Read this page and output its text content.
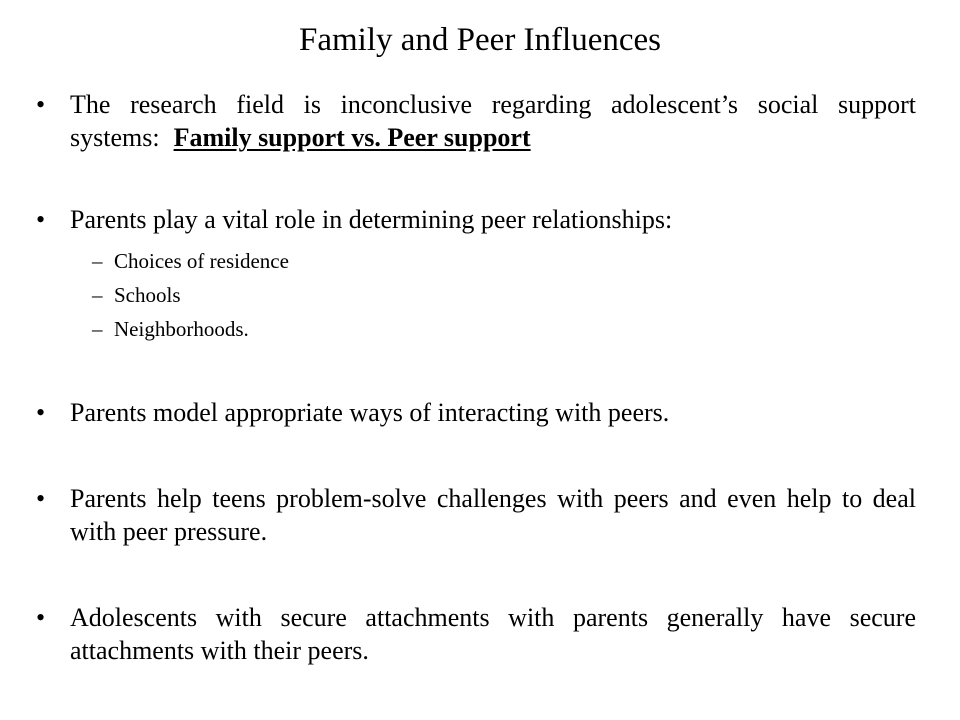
Family and Peer Influences
• The research field is inconclusive regarding adolescent’s social support systems: Family support vs. Peer support
• Parents play a vital role in determining peer relationships:
– Choices of residence
– Schools
– Neighborhoods.
• Parents model appropriate ways of interacting with peers.
• Parents help teens problem-solve challenges with peers and even help to deal with peer pressure.
• Adolescents with secure attachments with parents generally have secure attachments with their peers.
